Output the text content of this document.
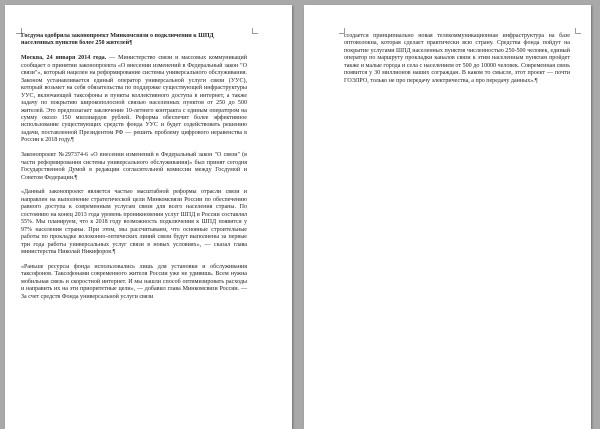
Госдума одобрила законопроект Минкомсвязи о подключении к ШПД населенных пунктов более 250 жителей¶

Москва, 24 января 2014 года. — Министерство связи и массовых коммуникаций сообщает о принятии законопроекта «О внесении изменений в Федеральный закон "О связи"», который нацелен на реформирование системы универсального обслуживания. Законом устанавливается единый оператор универсальной услуги связи (УУС), который возьмет на себя обязательства по поддержке существующей инфраструктуры УУС, включающей таксофоны и пункты коллективного доступа в интернет, а также задачу по покрытию широкополосной связью населенных пунктов от 250 до 500 жителей. Это предполагает заключение 10-летнего контракта с единым оператором на сумму около 150 миллиардов рублей. Реформа обеспечит более эффективное использование существующих средств фонда УУС и будет содействовать решению задачи, поставленной Президентом РФ — решить проблему цифрового неравенства в России к 2018 году.¶

Законопроект №297374-6 «О внесении изменений в Федеральный закон "О связи" (в части реформирования системы универсального обслуживания)» был принят сегодня Государственной Думой в редакции согласительной комиссии между Госдумой и Советом Федерации.¶

«Данный законопроект является частью масштабной реформы отрасли связи и направлен на выполнение стратегической цели Минкомсвязи России по обеспечению равного доступа к современным услугам связи для всего населения страны. По состоянию на конец 2013 года уровень проникновения услуг ШПД в России составлял 55%. Мы планируем, что к 2018 году возможность подключения к ШПД появится у 97% населения страны. При этом, мы рассчитываем, что основные строительные работы по прокладке волоконно-оптических линий связи будут выполнены за первые три года работы универсальных услуг связи в новых условиях», — сказал глава министерства Николай Никифоров.¶

«Раньше ресурсы фонда использовались лишь для установки и обслуживания таксофонов. Таксофонами современного жителя России уже не удивишь. Всем нужна мобильная связь и скоростной интернет. И мы нашли способ оптимизировать расходы и направить их на эти приоритетные цели», — добавил глава Минкомсвязи России. — За счет средств Фонда универсальной услуги связи

создается принципиально новая телекоммуникационная инфраструктура на базе оптоволокна, которая сделает практически всю страну. Средства фонда пойдут на покрытие услугами ШПД населенных пунктов численностью 250-500 человек, единый оператор по маршруту прокладки каналов связи к этим населенным пунктам пройдет также и малые города и села с населением от 500 до 10000 человек. Современная связь появится у 30 миллионов наших сограждан. В каком то смысле, этот проект — почти ГОЭЛРО, только не про передачу электричества, а про передачу данных».¶
